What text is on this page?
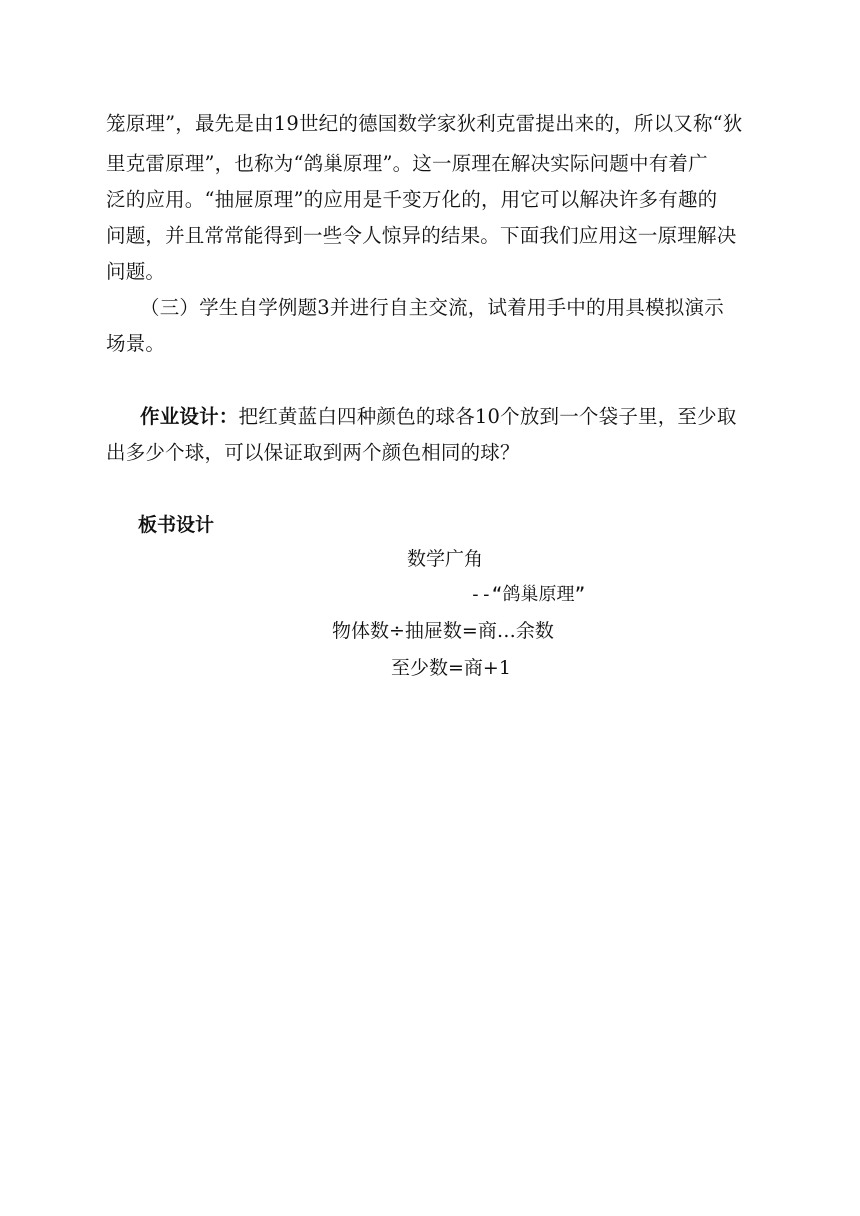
笼原理”，最先是由19世纪的德国数学家狄利克雷提出来的，所以又称“狄
里克雷原理”，也称为“鸽巢原理”。这一原理在解决实际问题中有着广
泛的应用。“抽屉原理”的应用是千变万化的，用它可以解决许多有趣的
问题，并且常常能得到一些令人惊异的结果。下面我们应用这一原理解决
问题。
（三）学生自学例题3并进行自主交流，试着用手中的用具模拟演示
场景。
作业设计：把红黄蓝白四种颜色的球各10个放到一个袋子里，至少取
出多少个球，可以保证取到两个颜色相同的球？
板书设计
数学广角
--“鸽巢原理”
物体数÷抽屉数=商…余数
至少数=商+1
